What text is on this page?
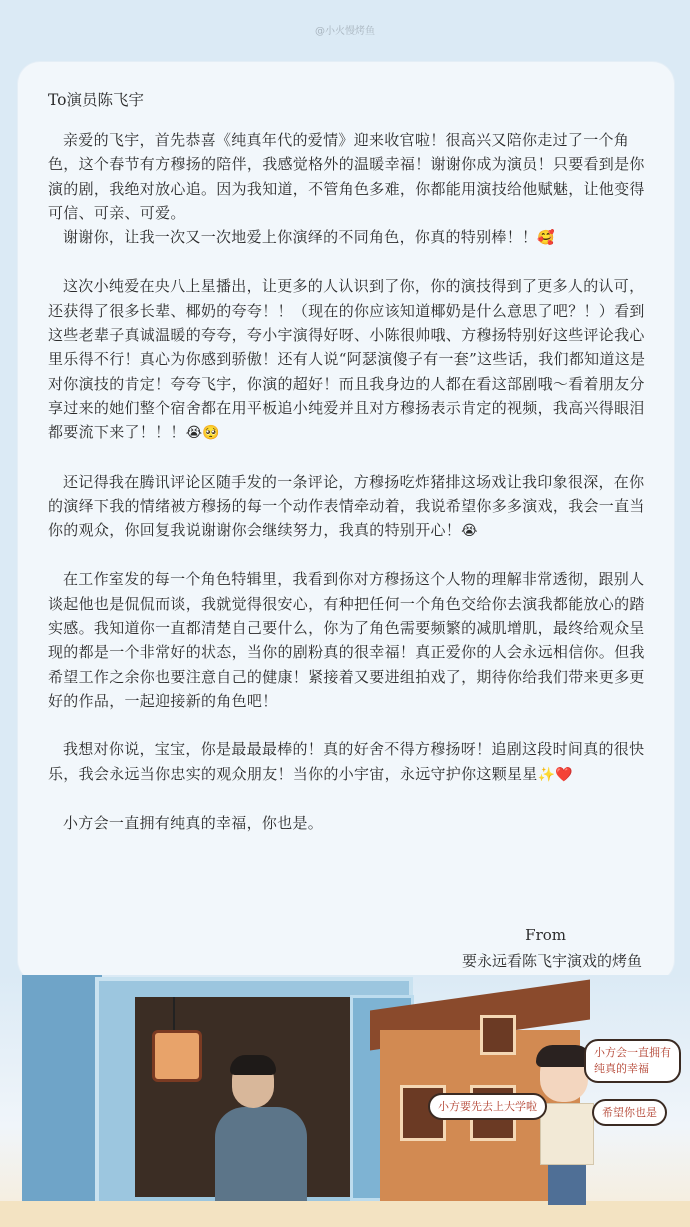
@小火慢烤鱼
To演员陈飞宇

亲爱的飞宇，首先恭喜《纯真年代的爱情》迎来收官啦！很高兴又陪你走过了一个角色，这个春节有方穆扬的陪伴，我感觉格外的温暖幸福！谢谢你成为演员！只要看到是你演的剧，我绝对放心追。因为我知道，不管角色多难，你都能用演技给他赋魅，让他变得可信、可亲、可爱。

谢谢你，让我一次又一次地爱上你演绎的不同角色，你真的特别棒！！🥰

这次小纯爱在央八上星播出，让更多的人认识到了你，你的演技得到了更多人的认可，还获得了很多长辈、椰奶的夸夸！！（现在的你应该知道椰奶是什么意思了吧？！）看到这些老辈子真诚温暖的夸夸，夸小宇演得好呀、小陈很帅哦、方穆扬特别好这些评论我心里乐得不行！真心为你感到骄傲！还有人说“阿瑟演傻子有一套”这些话，我们都知道这是对你演技的肯定！夸夸飞宇，你演的超好！而且我身边的人都在看这部剧哦～看着朋友分享过来的她们整个宿舍都在用平板追小纯爱并且对方穆扬表示肯定的视频，我高兴得眼泪都要流下来了！！！😭🥺

还记得我在腾讯评论区随手发的一条评论，方穆扬吃炸猪排这场戏让我印象很深，在你的演绎下我的情绪被方穆扬的每一个动作表情牵动着，我说希望你多多演戏，我会一直当你的观众，你回复我说谢谢你会继续努力，我真的特别开心！😭

在工作室发的每一个角色特辑里，我看到你对方穆扬这个人物的理解非常透彻，跟别人谈起他也是侃侃而谈，我就觉得很安心，有种把任何一个角色交给你去演我都能放心的踏实感。我知道你一直都清楚自己要什么，你为了角色需要频繁的减肌增肌，最终给观众呈现的都是一个非常好的状态，当你的剧粉真的很幸福！真正爱你的人会永远相信你。但我希望工作之余你也要注意自己的健康！紧接着又要进组拍戏了，期待你给我们带来更多更好的作品，一起迎接新的角色吧！

我想对你说，宝宝，你是最最最棒的！真的好舍不得方穆扬呀！追剧这段时间真的很快乐，我会永远当你忠实的观众朋友！当你的小宇宙，永远守护你这颗星星✨❤️

小方会一直拥有纯真的幸福，你也是。

From
要永远看陈飞宇演戏的烤鱼
小方要先去上大学啦
小方会一直拥有
纯真的幸福
希望你也是
